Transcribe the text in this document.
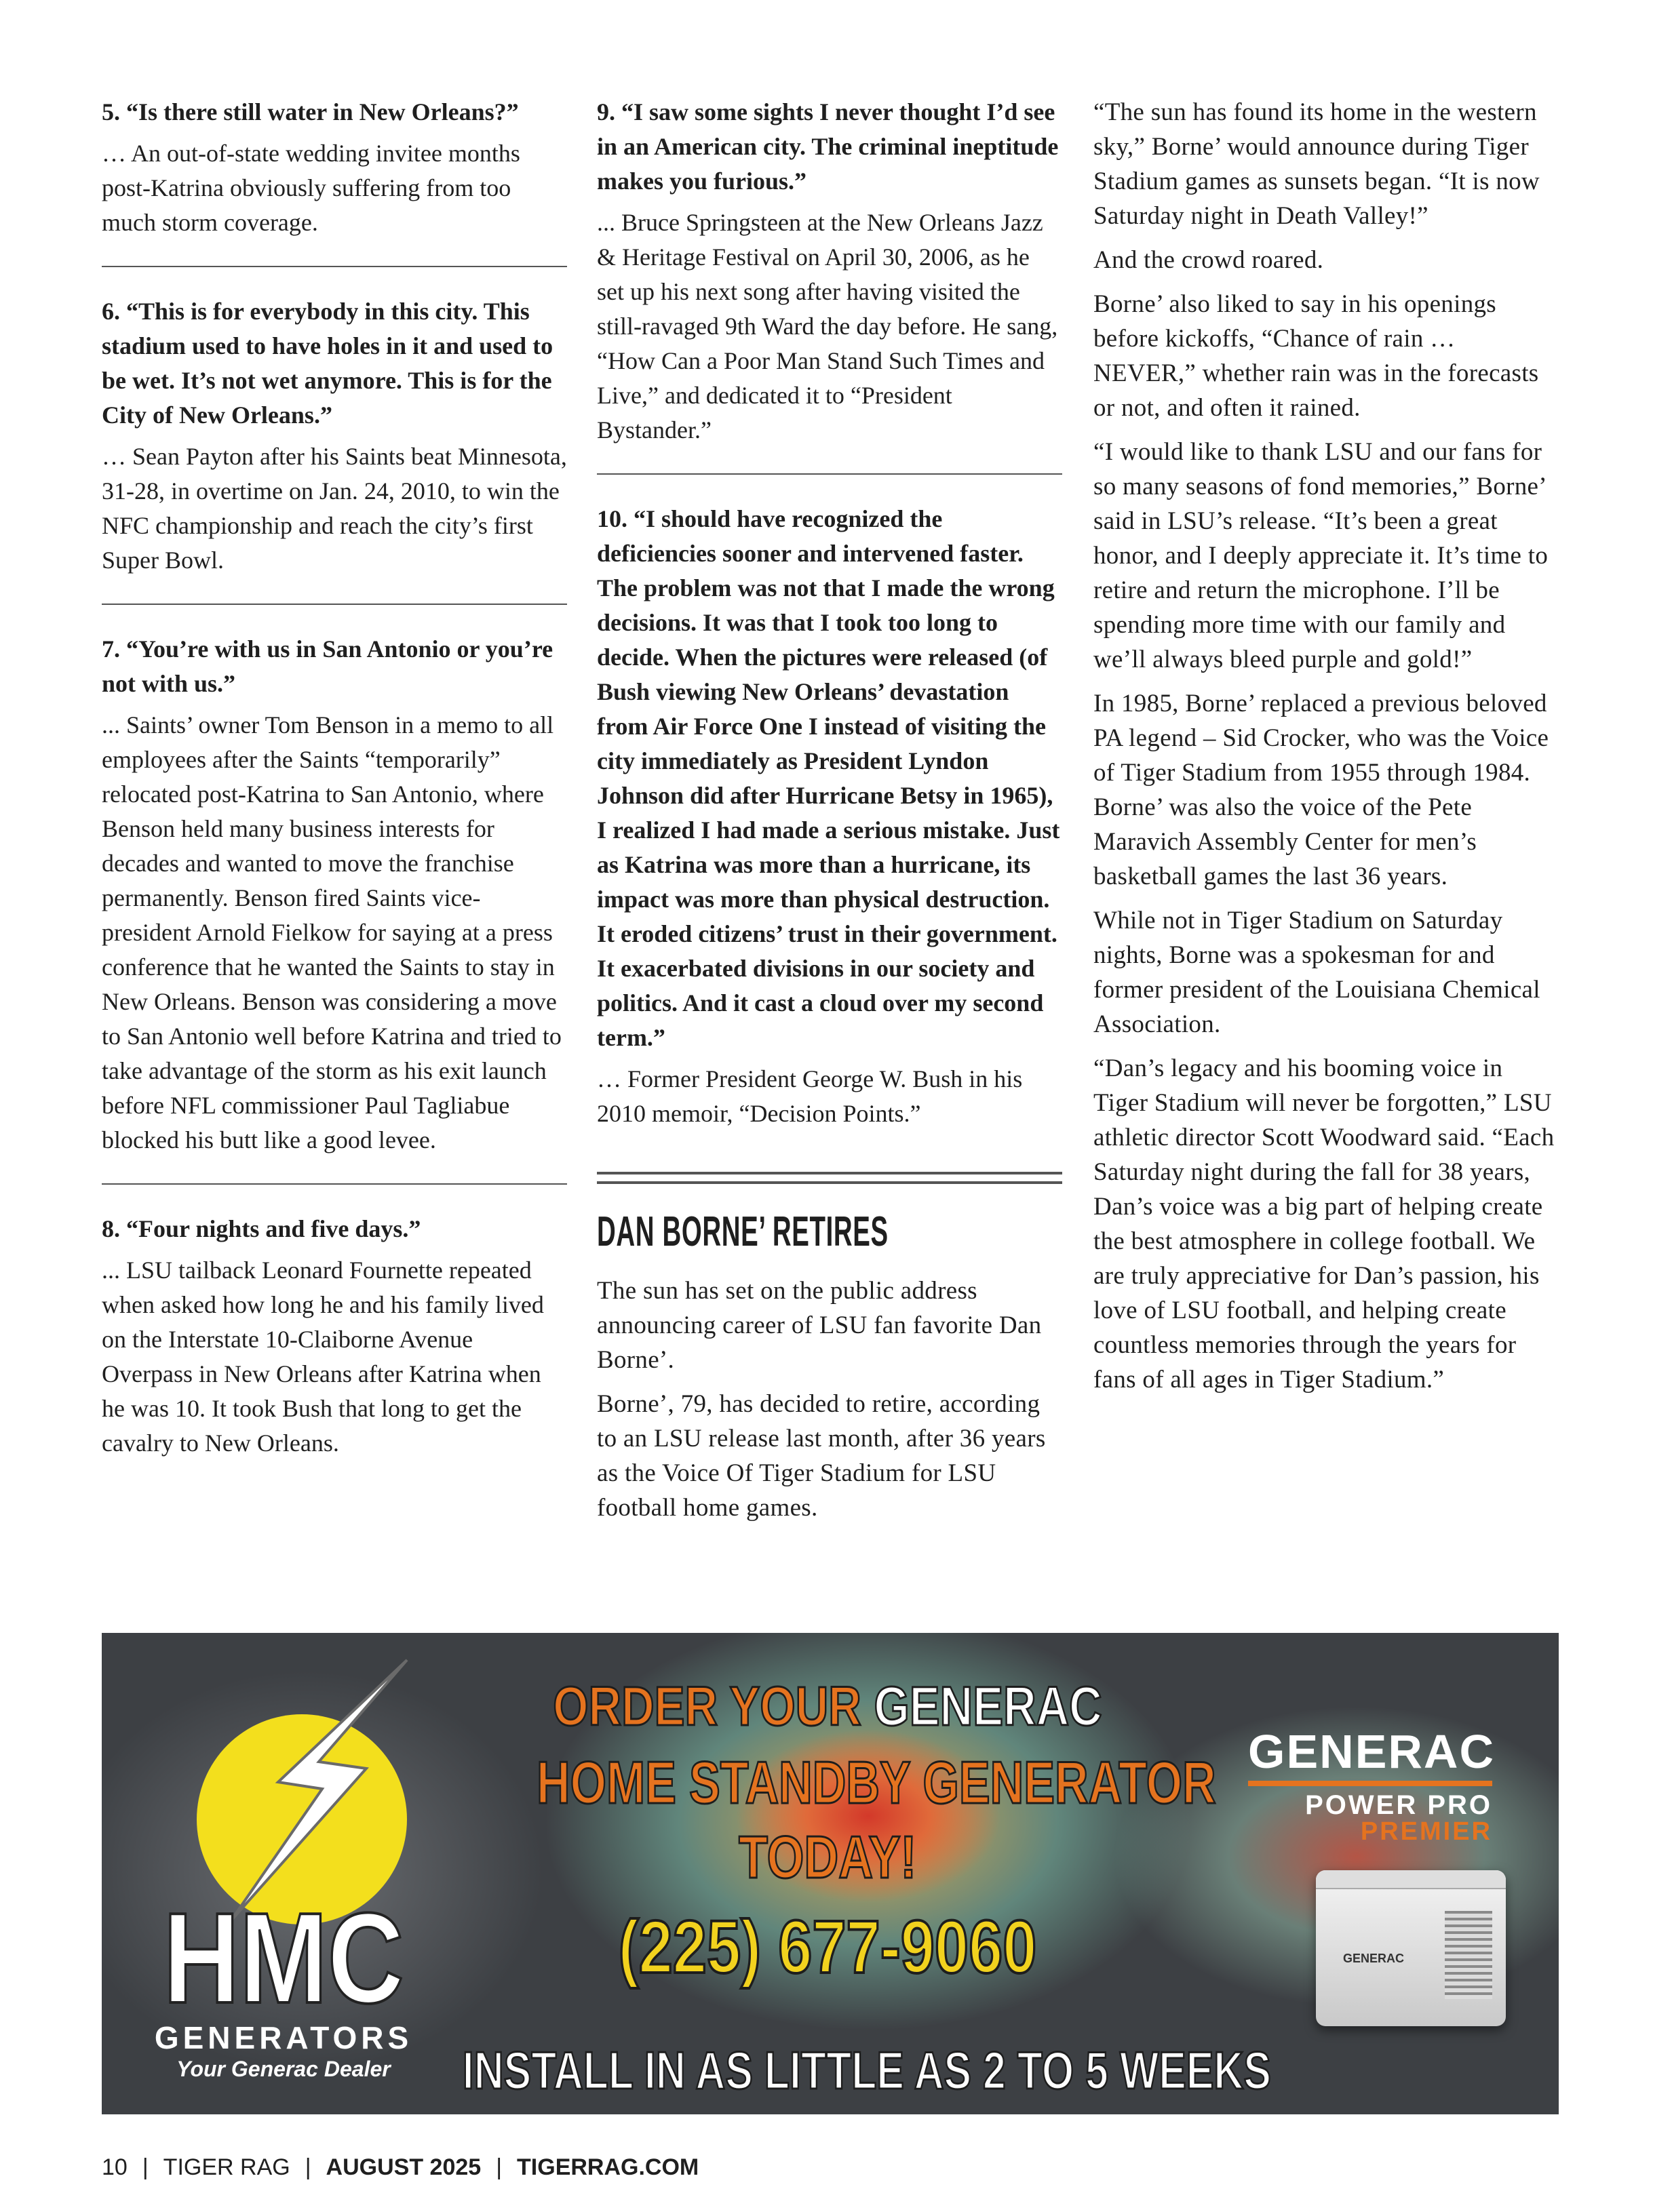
5. “Is there still water in New Orleans?”

… An out-of-state wedding invitee months post-Katrina obviously suffering from too much storm coverage.

6. “This is for everybody in this city. This stadium used to have holes in it and used to be wet. It’s not wet anymore. This is for the City of New Orleans.”

… Sean Payton after his Saints beat Minnesota, 31-28, in overtime on Jan. 24, 2010, to win the NFC championship and reach the city’s first Super Bowl.

7. “You’re with us in San Antonio or you’re not with us.”

... Saints’ owner Tom Benson in a memo to all employees after the Saints “temporarily” relocated post-Katrina to San Antonio, where Benson held many business interests for decades and wanted to move the franchise permanently. Benson fired Saints vice-president Arnold Fielkow for saying at a press conference that he wanted the Saints to stay in New Orleans. Benson was considering a move to San Antonio well before Katrina and tried to take advantage of the storm as his exit launch before NFL commissioner Paul Tagliabue blocked his butt like a good levee.

8. “Four nights and five days.”

... LSU tailback Leonard Fournette repeated when asked how long he and his family lived on the Interstate 10-Claiborne Avenue Overpass in New Orleans after Katrina when he was 10. It took Bush that long to get the cavalry to New Orleans.

9. “I saw some sights I never thought I’d see in an American city. The criminal ineptitude makes you furious.”

... Bruce Springsteen at the New Orleans Jazz & Heritage Festival on April 30, 2006, as he set up his next song after having visited the still-ravaged 9th Ward the day before. He sang, “How Can a Poor Man Stand Such Times and Live,” and dedicated it to “President Bystander.”

10. “I should have recognized the deficiencies sooner and intervened faster. The problem was not that I made the wrong decisions. It was that I took too long to decide. When the pictures were released (of Bush viewing New Orleans’ devastation from Air Force One I instead of visiting the city immediately as President Lyndon Johnson did after Hurricane Betsy in 1965), I realized I had made a serious mistake. Just as Katrina was more than a hurricane, its impact was more than physical destruction. It eroded citizens’ trust in their government. It exacerbated divisions in our society and politics. And it cast a cloud over my second term.”

… Former President George W. Bush in his 2010 memoir, “Decision Points.”

DAN BORNE’ RETIRES

The sun has set on the public address announcing career of LSU fan favorite Dan Borne’.

Borne’, 79, has decided to retire, according to an LSU release last month, after 36 years as the Voice Of Tiger Stadium for LSU football home games.

“The sun has found its home in the western sky,” Borne’ would announce during Tiger Stadium games as sunsets began. “It is now Saturday night in Death Valley!”

And the crowd roared.

Borne’ also liked to say in his openings before kickoffs, “Chance of rain … NEVER,” whether rain was in the forecasts or not, and often it rained.

“I would like to thank LSU and our fans for so many seasons of fond memories,” Borne’ said in LSU’s release. “It’s been a great honor, and I deeply appreciate it. It’s time to retire and return the microphone. I’ll be spending more time with our family and we’ll always bleed purple and gold!”

In 1985, Borne’ replaced a previous beloved PA legend – Sid Crocker, who was the Voice of Tiger Stadium from 1955 through 1984. Borne’ was also the voice of the Pete Maravich Assembly Center for men’s basketball games the last 36 years.

While not in Tiger Stadium on Saturday nights, Borne was a spokesman for and former president of the Louisiana Chemical Association.

“Dan’s legacy and his booming voice in Tiger Stadium will never be forgotten,” LSU athletic director Scott Woodward said. “Each Saturday night during the fall for 38 years, Dan’s voice was a big part of helping create the best atmosphere in college football. We are truly appreciative for Dan’s passion, his love of LSU football, and helping create countless memories through the years for fans of all ages in Tiger Stadium.”

HMC
GENERATORS
Your Generac Dealer
ORDER YOUR GENERAC
HOME STANDBY GENERATOR
TODAY!
(225) 677-9060
INSTALL IN AS LITTLE AS 2 TO 5 WEEKS
GENERAC
POWER PRO
PREMIER
GENERAC
10 | TIGER RAG | AUGUST 2025 | TIGERRAG.COM
